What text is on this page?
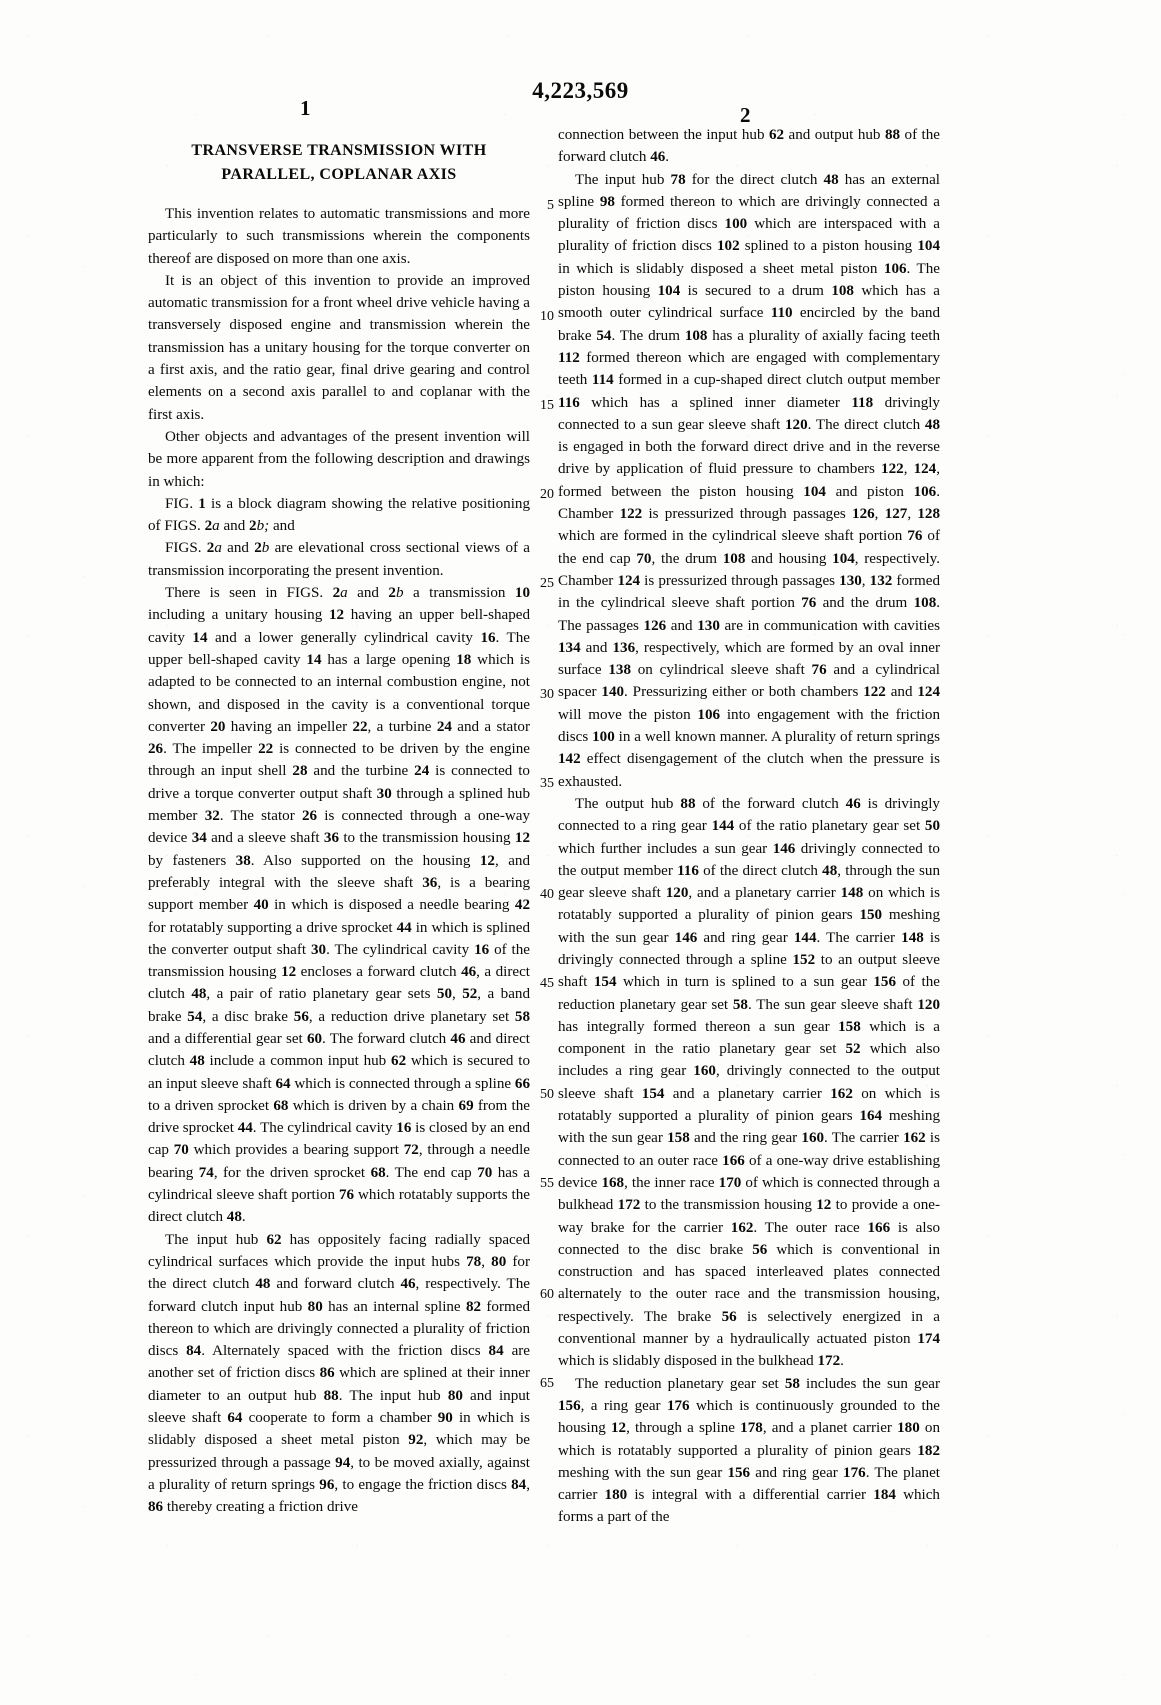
4,223,569
1	2
5
10
15
20
25
30
35
40
45
50
55
60
65
TRANSVERSE TRANSMISSION WITH
PARALLEL, COPLANAR AXIS

This invention relates to automatic transmissions and more particularly to such transmissions wherein the components thereof are disposed on more than one axis.

It is an object of this invention to provide an improved automatic transmission for a front wheel drive vehicle having a transversely disposed engine and transmission wherein the transmission has a unitary housing for the torque converter on a first axis, and the ratio gear, final drive gearing and control elements on a second axis parallel to and coplanar with the first axis.

Other objects and advantages of the present invention will be more apparent from the following description and drawings in which:

FIG. 1 is a block diagram showing the relative positioning of FIGS. 2a and 2b; and

FIGS. 2a and 2b are elevational cross sectional views of a transmission incorporating the present invention.

There is seen in FIGS. 2a and 2b a transmission 10 including a unitary housing 12 having an upper bell-shaped cavity 14 and a lower generally cylindrical cavity 16. The upper bell-shaped cavity 14 has a large opening 18 which is adapted to be connected to an internal combustion engine, not shown, and disposed in the cavity is a conventional torque converter 20 having an impeller 22, a turbine 24 and a stator 26. The impeller 22 is connected to be driven by the engine through an input shell 28 and the turbine 24 is connected to drive a torque converter output shaft 30 through a splined hub member 32. The stator 26 is connected through a one-way device 34 and a sleeve shaft 36 to the transmission housing 12 by fasteners 38. Also supported on the housing 12, and preferably integral with the sleeve shaft 36, is a bearing support member 40 in which is disposed a needle bearing 42 for rotatably supporting a drive sprocket 44 in which is splined the converter output shaft 30. The cylindrical cavity 16 of the transmission housing 12 encloses a forward clutch 46, a direct clutch 48, a pair of ratio planetary gear sets 50, 52, a band brake 54, a disc brake 56, a reduction drive planetary set 58 and a differential gear set 60. The forward clutch 46 and direct clutch 48 include a common input hub 62 which is secured to an input sleeve shaft 64 which is connected through a spline 66 to a driven sprocket 68 which is driven by a chain 69 from the drive sprocket 44. The cylindrical cavity 16 is closed by an end cap 70 which provides a bearing support 72, through a needle bearing 74, for the driven sprocket 68. The end cap 70 has a cylindrical sleeve shaft portion 76 which rotatably supports the direct clutch 48.

The input hub 62 has oppositely facing radially spaced cylindrical surfaces which provide the input hubs 78, 80 for the direct clutch 48 and forward clutch 46, respectively. The forward clutch input hub 80 has an internal spline 82 formed thereon to which are drivingly connected a plurality of friction discs 84. Alternately spaced with the friction discs 84 are another set of friction discs 86 which are splined at their inner diameter to an output hub 88. The input hub 80 and input sleeve shaft 64 cooperate to form a chamber 90 in which is slidably disposed a sheet metal piston 92, which may be pressurized through a passage 94, to be moved axially, against a plurality of return springs 96, to engage the friction discs 84, 86 thereby creating a friction drive

connection between the input hub 62 and output hub 88 of the forward clutch 46.

The input hub 78 for the direct clutch 48 has an external spline 98 formed thereon to which are drivingly connected a plurality of friction discs 100 which are interspaced with a plurality of friction discs 102 splined to a piston housing 104 in which is slidably disposed a sheet metal piston 106. The piston housing 104 is secured to a drum 108 which has a smooth outer cylindrical surface 110 encircled by the band brake 54. The drum 108 has a plurality of axially facing teeth 112 formed thereon which are engaged with complementary teeth 114 formed in a cup-shaped direct clutch output member 116 which has a splined inner diameter 118 drivingly connected to a sun gear sleeve shaft 120. The direct clutch 48 is engaged in both the forward direct drive and in the reverse drive by application of fluid pressure to chambers 122, 124, formed between the piston housing 104 and piston 106. Chamber 122 is pressurized through passages 126, 127, 128 which are formed in the cylindrical sleeve shaft portion 76 of the end cap 70, the drum 108 and housing 104, respectively. Chamber 124 is pressurized through passages 130, 132 formed in the cylindrical sleeve shaft portion 76 and the drum 108. The passages 126 and 130 are in communication with cavities 134 and 136, respectively, which are formed by an oval inner surface 138 on cylindrical sleeve shaft 76 and a cylindrical spacer 140. Pressurizing either or both chambers 122 and 124 will move the piston 106 into engagement with the friction discs 100 in a well known manner. A plurality of return springs 142 effect disengagement of the clutch when the pressure is exhausted.

The output hub 88 of the forward clutch 46 is drivingly connected to a ring gear 144 of the ratio planetary gear set 50 which further includes a sun gear 146 drivingly connected to the output member 116 of the direct clutch 48, through the sun gear sleeve shaft 120, and a planetary carrier 148 on which is rotatably supported a plurality of pinion gears 150 meshing with the sun gear 146 and ring gear 144. The carrier 148 is drivingly connected through a spline 152 to an output sleeve shaft 154 which in turn is splined to a sun gear 156 of the reduction planetary gear set 58. The sun gear sleeve shaft 120 has integrally formed thereon a sun gear 158 which is a component in the ratio planetary gear set 52 which also includes a ring gear 160, drivingly connected to the output sleeve shaft 154 and a planetary carrier 162 on which is rotatably supported a plurality of pinion gears 164 meshing with the sun gear 158 and the ring gear 160. The carrier 162 is connected to an outer race 166 of a one-way drive establishing device 168, the inner race 170 of which is connected through a bulkhead 172 to the transmission housing 12 to provide a one-way brake for the carrier 162. The outer race 166 is also connected to the disc brake 56 which is conventional in construction and has spaced interleaved plates connected alternately to the outer race and the transmission housing, respectively. The brake 56 is selectively energized in a conventional manner by a hydraulically actuated piston 174 which is slidably disposed in the bulkhead 172.

The reduction planetary gear set 58 includes the sun gear 156, a ring gear 176 which is continuously grounded to the housing 12, through a spline 178, and a planet carrier 180 on which is rotatably supported a plurality of pinion gears 182 meshing with the sun gear 156 and ring gear 176. The planet carrier 180 is integral with a differential carrier 184 which forms a part of the
